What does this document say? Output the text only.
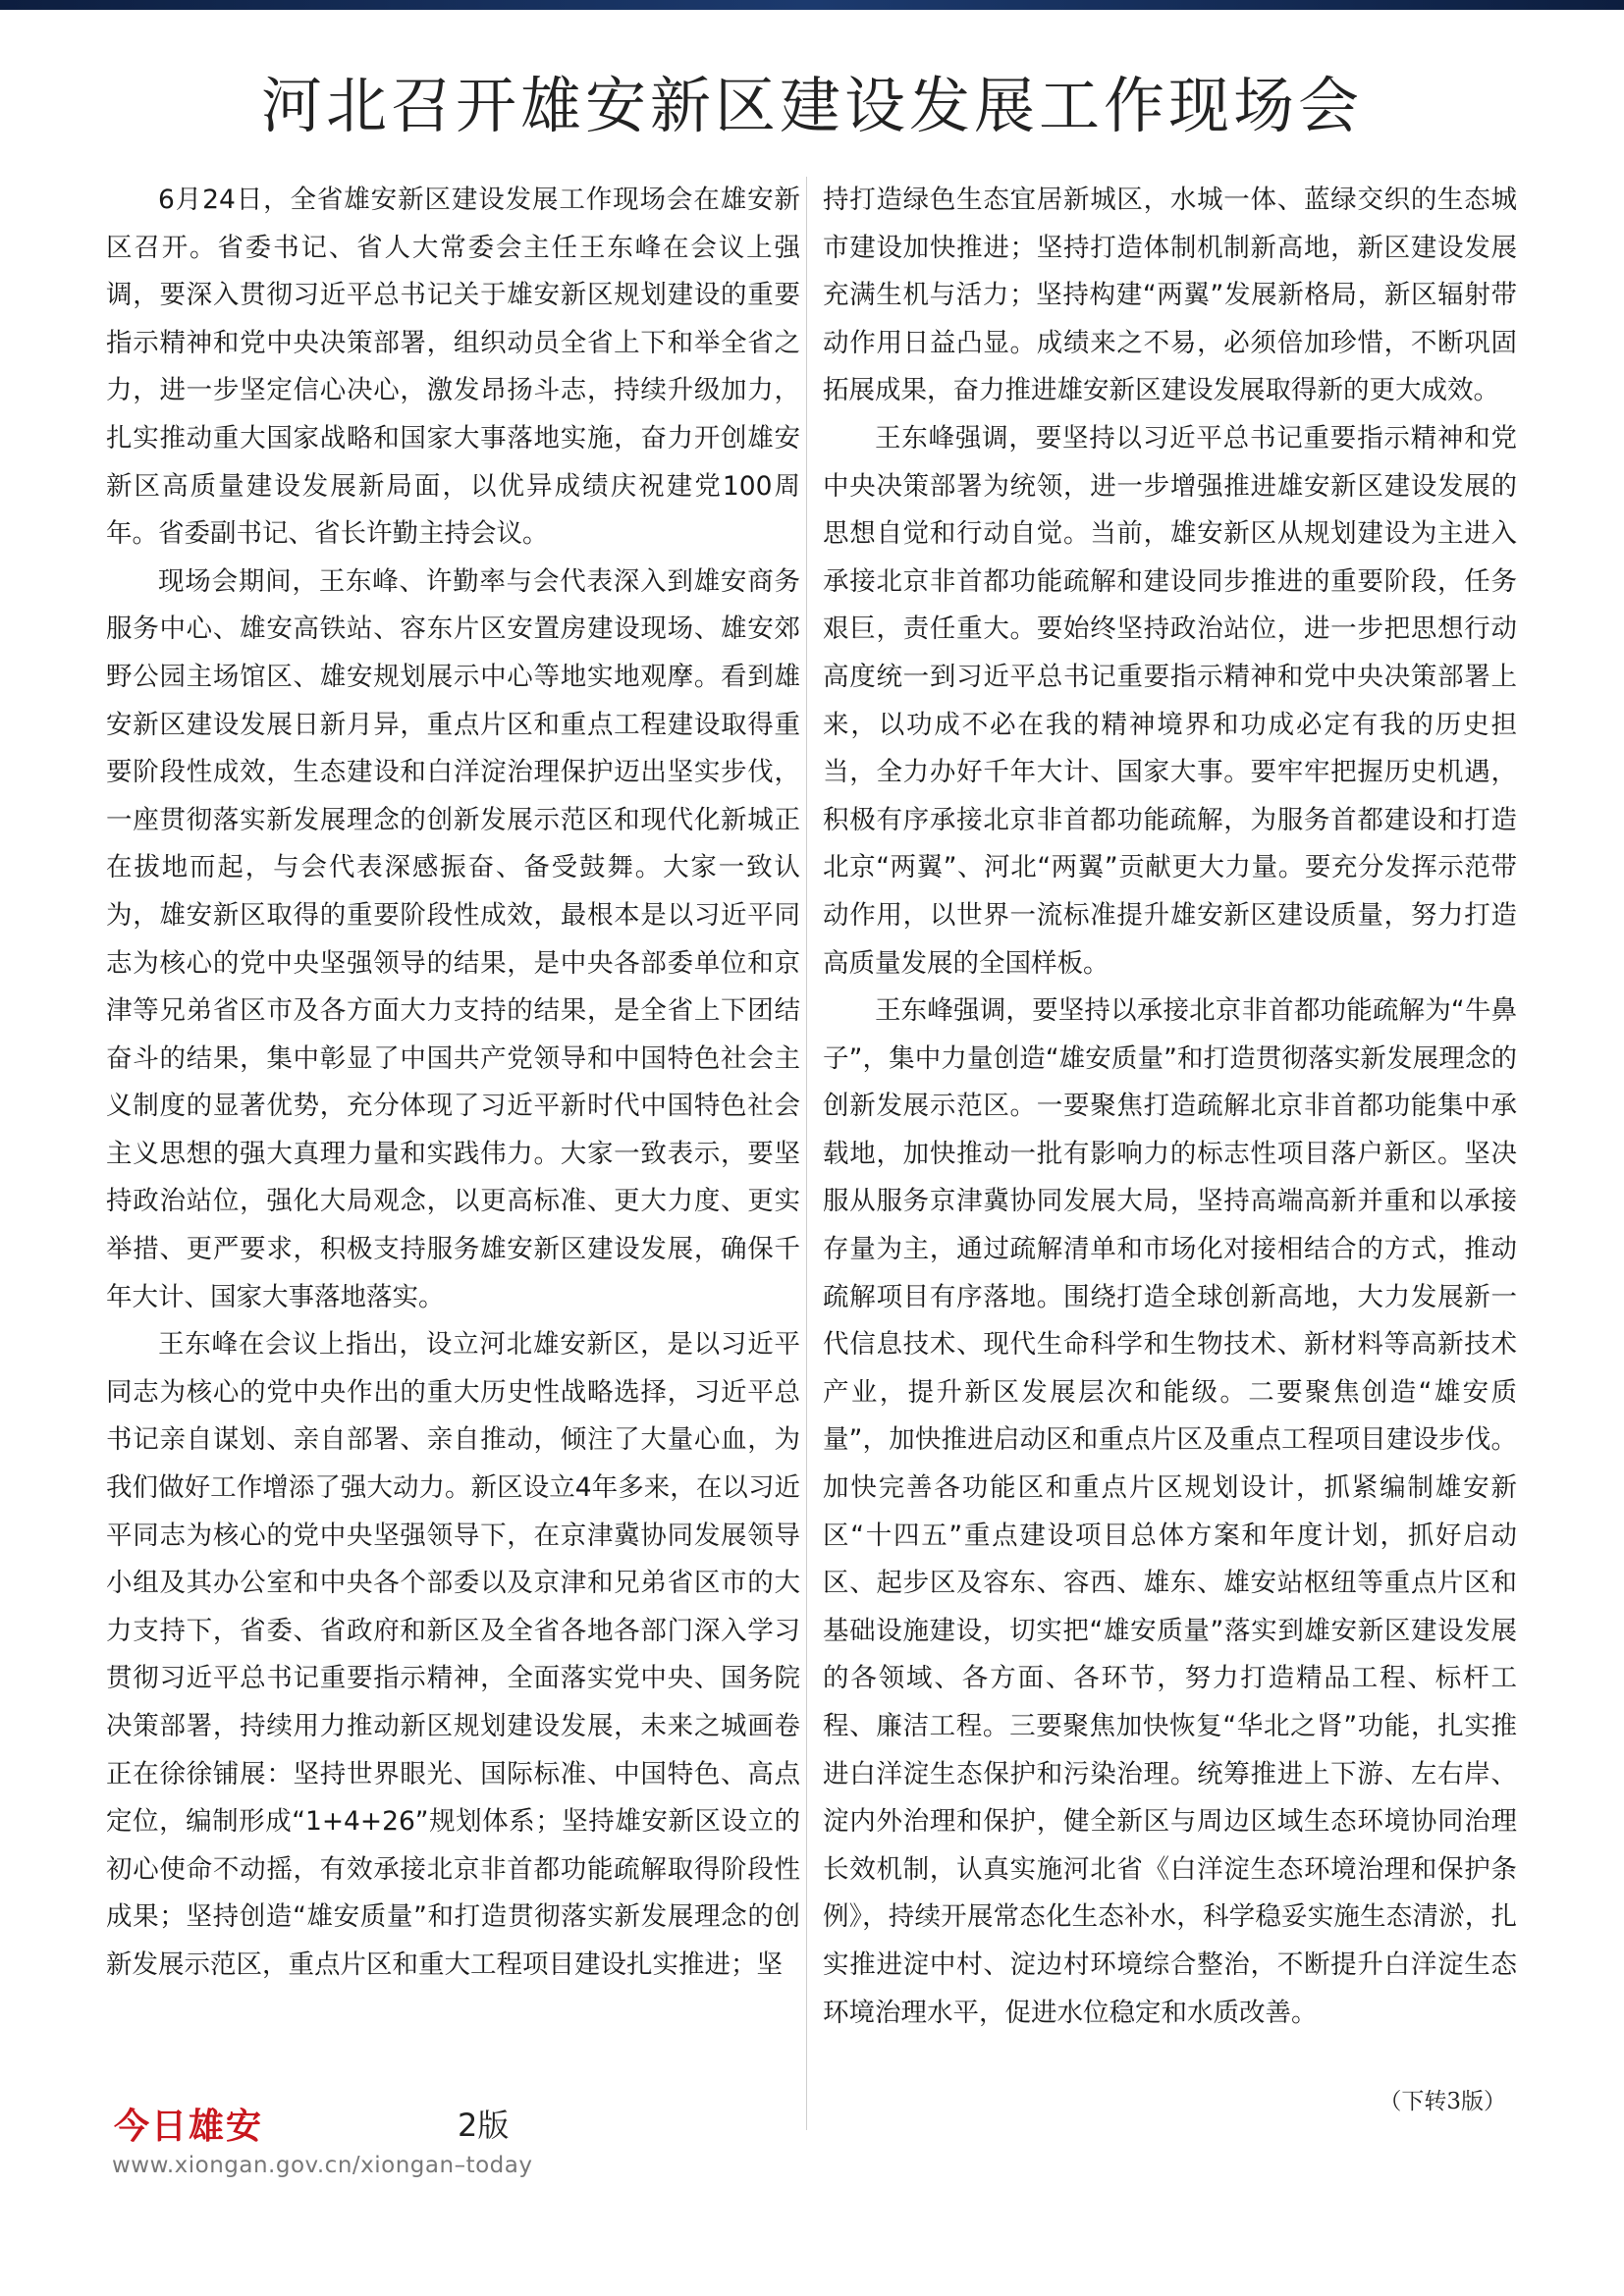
河北召开雄安新区建设发展工作现场会

6月24日，全省雄安新区建设发展工作现场会在雄安新区召开。省委书记、省人大常委会主任王东峰在会议上强调，要深入贯彻习近平总书记关于雄安新区规划建设的重要指示精神和党中央决策部署，组织动员全省上下和举全省之力，进一步坚定信心决心，激发昂扬斗志，持续升级加力，扎实推动重大国家战略和国家大事落地实施，奋力开创雄安新区高质量建设发展新局面，以优异成绩庆祝建党100周年。省委副书记、省长许勤主持会议。

现场会期间，王东峰、许勤率与会代表深入到雄安商务服务中心、雄安高铁站、容东片区安置房建设现场、雄安郊野公园主场馆区、雄安规划展示中心等地实地观摩。看到雄安新区建设发展日新月异，重点片区和重点工程建设取得重要阶段性成效，生态建设和白洋淀治理保护迈出坚实步伐，一座贯彻落实新发展理念的创新发展示范区和现代化新城正在拔地而起，与会代表深感振奋、备受鼓舞。大家一致认为，雄安新区取得的重要阶段性成效，最根本是以习近平同志为核心的党中央坚强领导的结果，是中央各部委单位和京津等兄弟省区市及各方面大力支持的结果，是全省上下团结奋斗的结果，集中彰显了中国共产党领导和中国特色社会主义制度的显著优势，充分体现了习近平新时代中国特色社会主义思想的强大真理力量和实践伟力。大家一致表示，要坚持政治站位，强化大局观念，以更高标准、更大力度、更实举措、更严要求，积极支持服务雄安新区建设发展，确保千年大计、国家大事落地落实。

王东峰在会议上指出，设立河北雄安新区，是以习近平同志为核心的党中央作出的重大历史性战略选择，习近平总书记亲自谋划、亲自部署、亲自推动，倾注了大量心血，为我们做好工作增添了强大动力。新区设立4年多来，在以习近平同志为核心的党中央坚强领导下，在京津冀协同发展领导小组及其办公室和中央各个部委以及京津和兄弟省区市的大力支持下，省委、省政府和新区及全省各地各部门深入学习贯彻习近平总书记重要指示精神，全面落实党中央、国务院决策部署，持续用力推动新区规划建设发展，未来之城画卷正在徐徐铺展：坚持世界眼光、国际标准、中国特色、高点定位，编制形成“1+4+26”规划体系；坚持雄安新区设立的初心使命不动摇，有效承接北京非首都功能疏解取得阶段性成果；坚持创造“雄安质量”和打造贯彻落实新发展理念的创新发展示范区，重点片区和重大工程项目建设扎实推进；坚

持打造绿色生态宜居新城区，水城一体、蓝绿交织的生态城市建设加快推进；坚持打造体制机制新高地，新区建设发展充满生机与活力；坚持构建“两翼”发展新格局，新区辐射带动作用日益凸显。成绩来之不易，必须倍加珍惜，不断巩固拓展成果，奋力推进雄安新区建设发展取得新的更大成效。

王东峰强调，要坚持以习近平总书记重要指示精神和党中央决策部署为统领，进一步增强推进雄安新区建设发展的思想自觉和行动自觉。当前，雄安新区从规划建设为主进入承接北京非首都功能疏解和建设同步推进的重要阶段，任务艰巨，责任重大。要始终坚持政治站位，进一步把思想行动高度统一到习近平总书记重要指示精神和党中央决策部署上来，以功成不必在我的精神境界和功成必定有我的历史担当，全力办好千年大计、国家大事。要牢牢把握历史机遇，积极有序承接北京非首都功能疏解，为服务首都建设和打造北京“两翼”、河北“两翼”贡献更大力量。要充分发挥示范带动作用，以世界一流标准提升雄安新区建设质量，努力打造高质量发展的全国样板。

王东峰强调，要坚持以承接北京非首都功能疏解为“牛鼻子”，集中力量创造“雄安质量”和打造贯彻落实新发展理念的创新发展示范区。一要聚焦打造疏解北京非首都功能集中承载地，加快推动一批有影响力的标志性项目落户新区。坚决服从服务京津冀协同发展大局，坚持高端高新并重和以承接存量为主，通过疏解清单和市场化对接相结合的方式，推动疏解项目有序落地。围绕打造全球创新高地，大力发展新一代信息技术、现代生命科学和生物技术、新材料等高新技术产业，提升新区发展层次和能级。二要聚焦创造“雄安质量”，加快推进启动区和重点片区及重点工程项目建设步伐。加快完善各功能区和重点片区规划设计，抓紧编制雄安新区“十四五”重点建设项目总体方案和年度计划，抓好启动区、起步区及容东、容西、雄东、雄安站枢纽等重点片区和基础设施建设，切实把“雄安质量”落实到雄安新区建设发展的各领域、各方面、各环节，努力打造精品工程、标杆工程、廉洁工程。三要聚焦加快恢复“华北之肾”功能，扎实推进白洋淀生态保护和污染治理。统筹推进上下游、左右岸、淀内外治理和保护，健全新区与周边区域生态环境协同治理长效机制，认真实施河北省《白洋淀生态环境治理和保护条例》，持续开展常态化生态补水，科学稳妥实施生态清淤，扎实推进淀中村、淀边村环境综合整治，不断提升白洋淀生态环境治理水平，促进水位稳定和水质改善。

（下转3版）
今日雄安	2版
www.xiongan.gov.cn/xiongan–today
